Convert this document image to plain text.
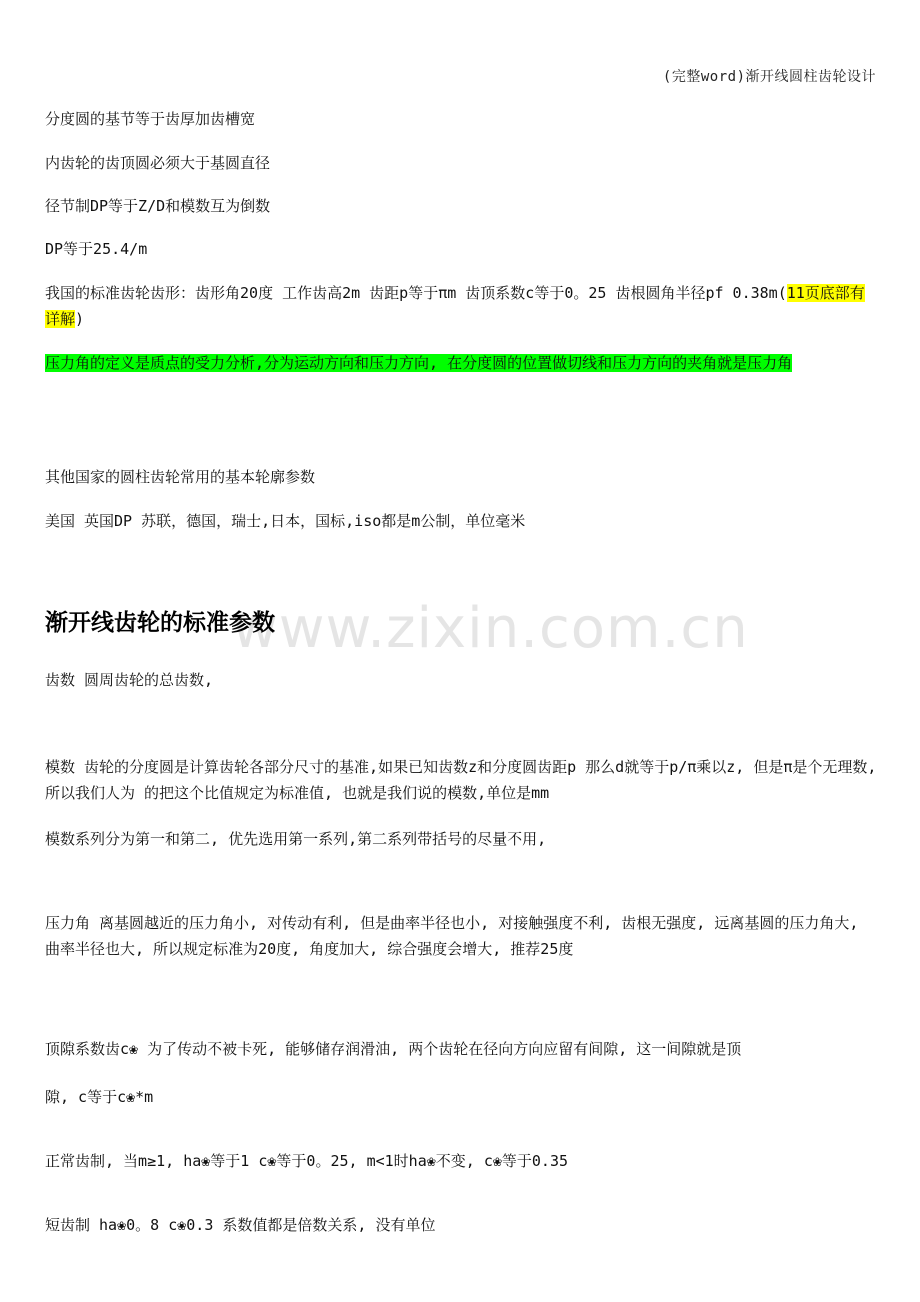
(完整word)渐开线圆柱齿轮设计
分度圆的基节等于齿厚加齿槽宽
内齿轮的齿顶圆必须大于基圆直径
径节制DP等于Z/D和模数互为倒数
DP等于25.4/m
我国的标准齿轮齿形：齿形角20度 工作齿高2m 齿距p等于πm 齿顶系数c等于0。25 齿根圆角半径pf 0.38m(11页底部有详解)
压力角的定义是质点的受力分析,分为运动方向和压力方向, 在分度圆的位置做切线和压力方向的夹角就是压力角
其他国家的圆柱齿轮常用的基本轮廓参数
美国 英国DP 苏联，德国，瑞士,日本，国标,iso都是m公制，单位毫米
www.zixin.com.cn
渐开线齿轮的标准参数
齿数 圆周齿轮的总齿数,
模数 齿轮的分度圆是计算齿轮各部分尺寸的基准,如果已知齿数z和分度圆齿距p 那么d就等于p/π乘以z, 但是π是个无理数,所以我们人为 的把这个比值规定为标准值, 也就是我们说的模数,单位是mm
模数系列分为第一和第二, 优先选用第一系列,第二系列带括号的尽量不用,
压力角 离基圆越近的压力角小, 对传动有利, 但是曲率半径也小, 对接触强度不利, 齿根无强度, 远离基圆的压力角大, 曲率半径也大, 所以规定标准为20度, 角度加大, 综合强度会增大, 推荐25度
顶隙系数齿c❀ 为了传动不被卡死, 能够储存润滑油, 两个齿轮在径向方向应留有间隙, 这一间隙就是顶
隙, c等于c❀*m
正常齿制, 当m≥1, ha❀等于1 c❀等于0。25, m<1时ha❀不变, c❀等于0.35
短齿制 ha❀0。8 c❀0.3 系数值都是倍数关系, 没有单位
